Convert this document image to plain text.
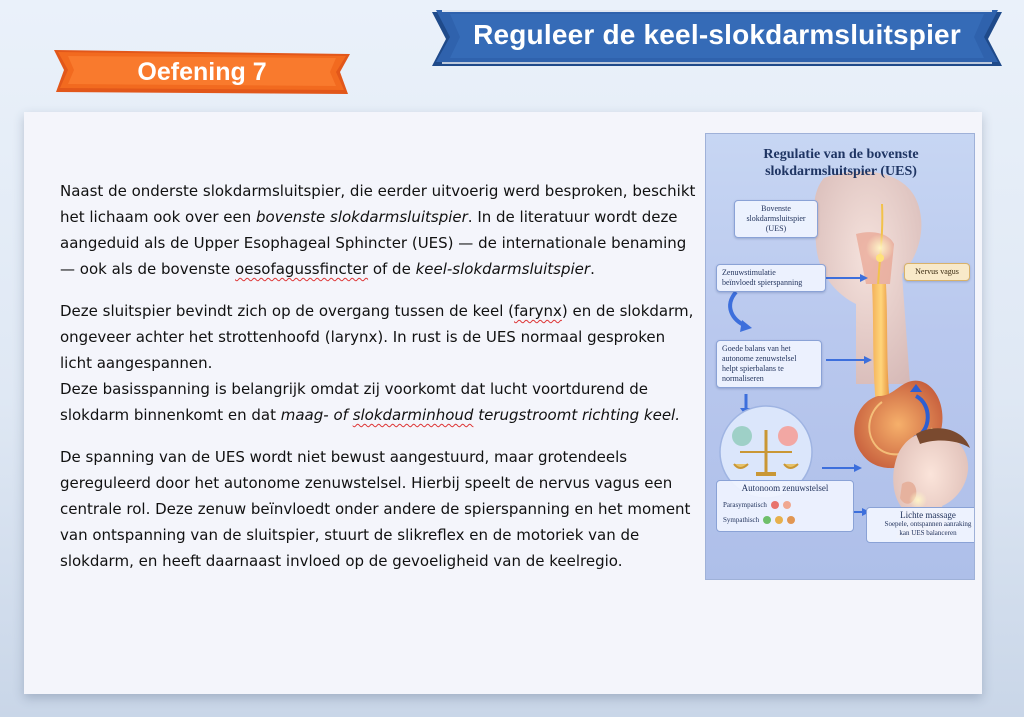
Reguleer de keel-slokdarmsluitspier
Oefening 7

Naast de onderste slokdarmsluitspier, die eerder uitvoerig werd besproken, beschikt het lichaam ook over een bovenste slokdarmsluitspier. In de literatuur wordt deze aangeduid als de Upper Esophageal Sphincter (UES) — de internationale benaming — ook als de bovenste oesofagussfincter of de keel-slokdarmsluitspier.

Deze sluitspier bevindt zich op de overgang tussen de keel (farynx) en de slokdarm, ongeveer achter het strottenhoofd (larynx). In rust is de UES normaal gesproken licht aangespannen.

Deze basisspanning is belangrijk omdat zij voorkomt dat lucht voortdurend de slokdarm binnenkomt en dat maag- of slokdarminhoud terugstroomt richting keel.

De spanning van de UES wordt niet bewust aangestuurd, maar grotendeels gereguleerd door het autonome zenuwstelsel. Hierbij speelt de nervus vagus een centrale rol. Deze zenuw beïnvloedt onder andere de spierspanning en het moment van ontspanning van de sluitspier, stuurt de slikreflex en de motoriek van de slokdarm, en heeft daarnaast invloed op de gevoeligheid van de keelregio.

Regulatie van de bovenste
slokdarmsluitspier (UES)
Bovenste
slokdarmsluitspier
(UES)
Nervus vagus
Zenuwstimulatie
beïnvloedt spierspanning
Goede balans van het
autonome zenuwstelsel
helpt spierbalans te
normaliseren
Autonoom zenuwstelsel
Parasympatisch
Sympathisch	Lichte massage
Soepele, ontspannen aanraking
kan UES balanceren
